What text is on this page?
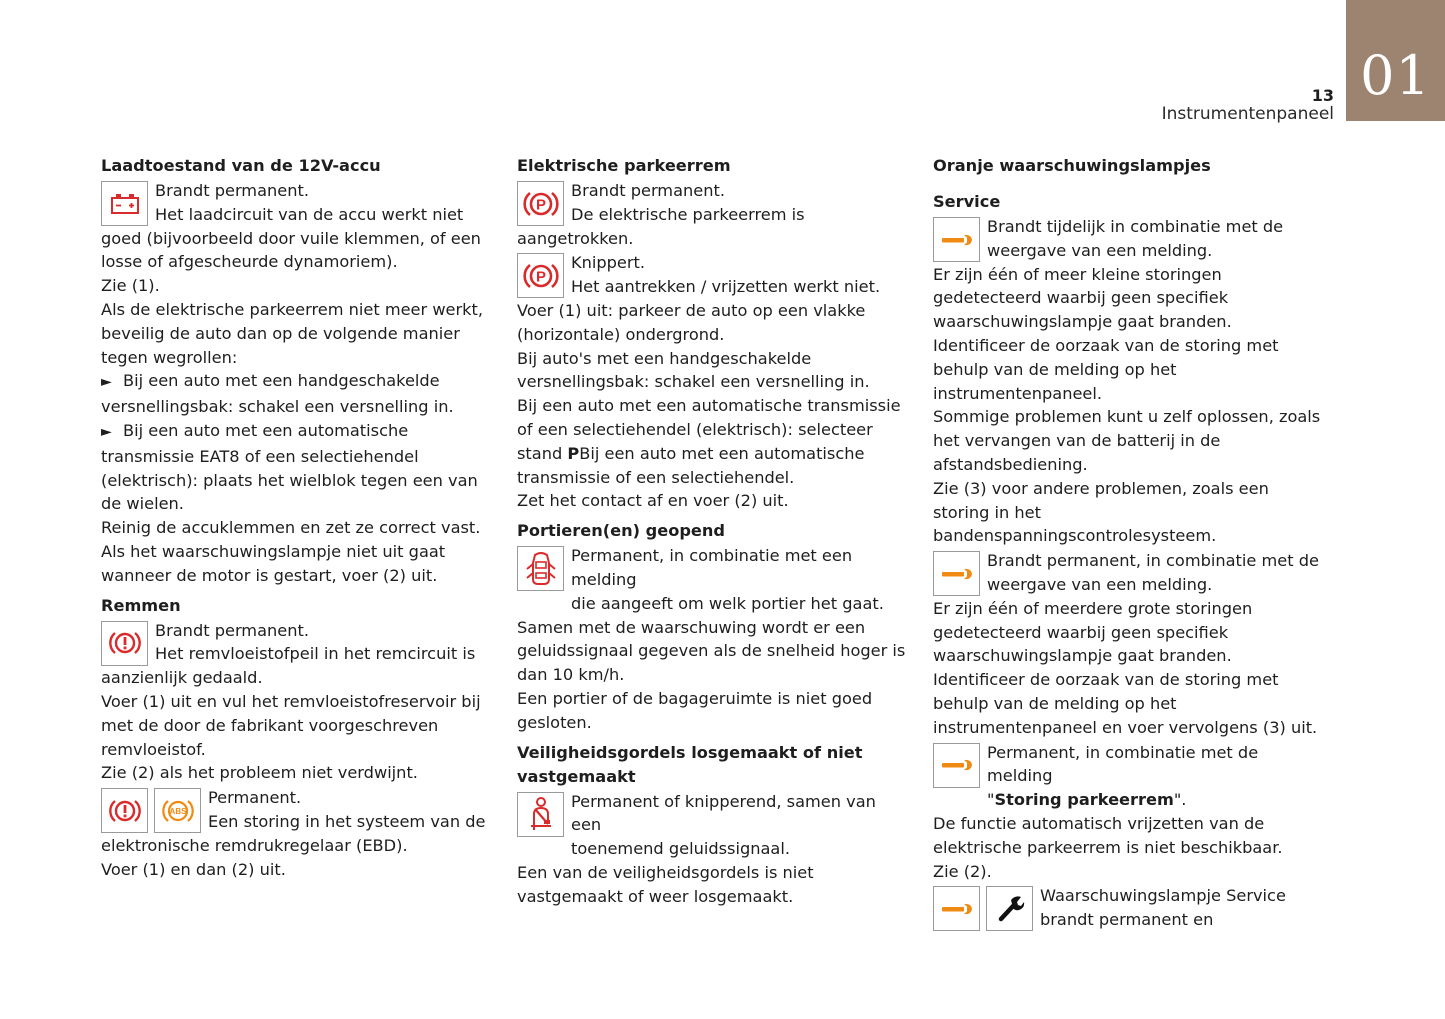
13
Instrumentenpaneel
01
Laadtoestand van de 12V-accu

Brandt permanent.

Het laadcircuit van de accu werkt niet

goed (bijvoorbeeld door vuile klemmen, of een losse of afgescheurde dynamoriem).

Zie (1).

Als de elektrische parkeerrem niet meer werkt, beveilig de auto dan op de volgende manier tegen wegrollen:

► Bij een auto met een handgeschakelde versnellingsbak: schakel een versnelling in.

► Bij een auto met een automatische transmissie EAT8 of een selectiehendel (elektrisch): plaats het wielblok tegen een van de wielen.

Reinig de accuklemmen en zet ze correct vast. Als het waarschuwingslampje niet uit gaat wanneer de motor is gestart, voer (2) uit.

Remmen

Brandt permanent.

Het remvloeistofpeil in het remcircuit is

aanzienlijk gedaald.

Voer (1) uit en vul het remvloeistofreservoir bij met de door de fabrikant voorgeschreven remvloeistof.

Zie (2) als het probleem niet verdwijnt.

ABS

Permanent.

Een storing in het systeem van de

elektronische remdrukregelaar (EBD).

Voer (1) en dan (2) uit.

Elektrische parkeerrem
P

Brandt permanent.

De elektrische parkeerrem is

aangetrokken.

P

Knippert.

Het aantrekken / vrijzetten werkt niet.

Voer (1) uit: parkeer de auto op een vlakke (horizontale) ondergrond.

Bij auto's met een handgeschakelde versnellingsbak: schakel een versnelling in.

Bij een auto met een automatische transmissie of een selectiehendel (elektrisch): selecteer stand PBij een auto met een automatische transmissie of een selectiehendel.

Zet het contact af en voer (2) uit.

Portieren(en) geopend

Permanent, in combinatie met een melding

die aangeeft om welk portier het gaat.

Samen met de waarschuwing wordt er een geluidssignaal gegeven als de snelheid hoger is dan 10 km/h.

Een portier of de bagageruimte is niet goed gesloten.

Veiligheidsgordels losgemaakt of niet vastgemaakt

Permanent of knipperend, samen van een

toenemend geluidssignaal.

Een van de veiligheidsgordels is niet vastgemaakt of weer losgemaakt.

Oranje waarschuwingslampjes
Service

Brandt tijdelijk in combinatie met de

weergave van een melding.

Er zijn één of meer kleine storingen gedetecteerd waarbij geen specifiek waarschuwingslampje gaat branden.

Identificeer de oorzaak van de storing met behulp van de melding op het instrumentenpaneel.

Sommige problemen kunt u zelf oplossen, zoals het vervangen van de batterij in de afstandsbediening.

Zie (3) voor andere problemen, zoals een storing in het bandenspanningscontrolesysteem.

Brandt permanent, in combinatie met de

weergave van een melding.

Er zijn één of meerdere grote storingen gedetecteerd waarbij geen specifiek waarschuwingslampje gaat branden.

Identificeer de oorzaak van de storing met behulp van de melding op het instrumentenpaneel en voer vervolgens (3) uit.

Permanent, in combinatie met de melding

"Storing parkeerrem".

De functie automatisch vrijzetten van de elektrische parkeerrem is niet beschikbaar.

Zie (2).

Waarschuwingslampje Service

brandt permanent en
